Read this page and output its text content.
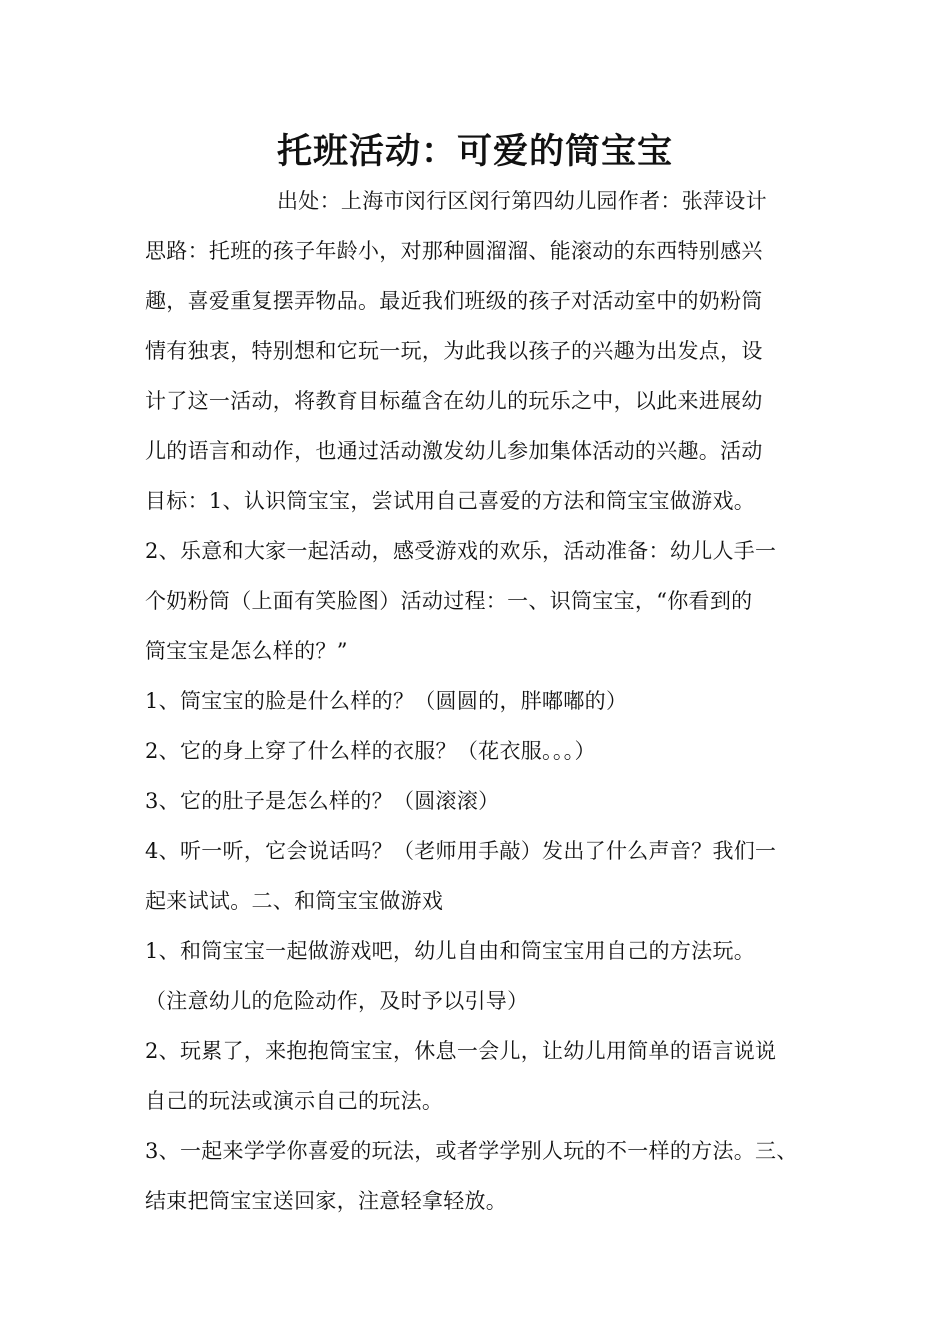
托班活动：可爱的筒宝宝
出处：上海市闵行区闵行第四幼儿园作者：张萍设计
思路：托班的孩子年龄小，对那种圆溜溜、能滚动的东西特别感兴
趣，喜爱重复摆弄物品。最近我们班级的孩子对活动室中的奶粉筒
情有独衷，特别想和它玩一玩，为此我以孩子的兴趣为出发点，设
计了这一活动，将教育目标蕴含在幼儿的玩乐之中，以此来进展幼
儿的语言和动作，也通过活动激发幼儿参加集体活动的兴趣。活动
目标：1、认识筒宝宝，尝试用自己喜爱的方法和筒宝宝做游戏。
2、乐意和大家一起活动，感受游戏的欢乐，活动准备：幼儿人手一
个奶粉筒（上面有笑脸图）活动过程：一、识筒宝宝，“你看到的
筒宝宝是怎么样的？”
1、筒宝宝的脸是什么样的？（圆圆的，胖嘟嘟的）
2、它的身上穿了什么样的衣服？（花衣服。。。）
3、它的肚子是怎么样的？（圆滚滚）
4、听一听，它会说话吗？（老师用手敲）发出了什么声音？我们一
起来试试。二、和筒宝宝做游戏
1、和筒宝宝一起做游戏吧，幼儿自由和筒宝宝用自己的方法玩。
（注意幼儿的危险动作，及时予以引导）
2、玩累了，来抱抱筒宝宝，休息一会儿，让幼儿用简单的语言说说
自己的玩法或演示自己的玩法。
3、一起来学学你喜爱的玩法，或者学学别人玩的不一样的方法。三、
结束把筒宝宝送回家，注意轻拿轻放。
